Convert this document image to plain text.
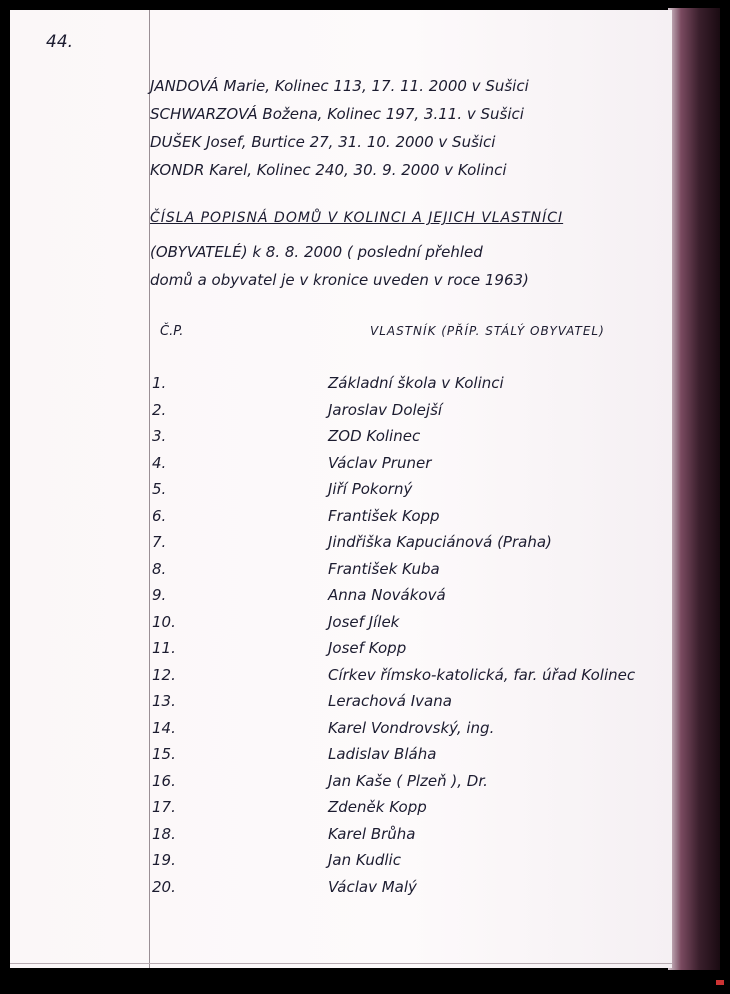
44.
JANDOVÁ Marie, Kolinec 113, 17. 11. 2000 v Sušici
SCHWARZOVÁ Božena, Kolinec 197, 3.11. v Sušici
DUŠEK Josef, Burtice 27, 31. 10. 2000 v Sušici
KONDR Karel, Kolinec 240, 30. 9. 2000 v Kolinci
ČÍSLA POPISNÁ DOMŮ V KOLINCI A JEJICH VLASTNÍCI
(OBYVATELÉ) k 8. 8. 2000 ( poslední přehled
domů a obyvatel je v kronice uveden v roce 1963)
Č.P.	VLASTNÍK (PŘÍP. STÁLÝ OBYVATEL)
1.	Základní škola v Kolinci
2.	Jaroslav Dolejší
3.	ZOD Kolinec
4.	Václav Pruner
5.	Jiří Pokorný
6.	František Kopp
7.	Jindřiška Kapuciánová (Praha)
8.	František Kuba
9.	Anna Nováková
10.	Josef Jílek
11.	Josef Kopp
12.	Církev římsko-katolická, far. úřad Kolinec
13.	Lerachová Ivana
14.	Karel Vondrovský, ing.
15.	Ladislav Bláha
16.	Jan Kaše ( Plzeň ), Dr.
17.	Zdeněk Kopp
18.	Karel Brůha
19.	Jan Kudlic
20.	Václav Malý
